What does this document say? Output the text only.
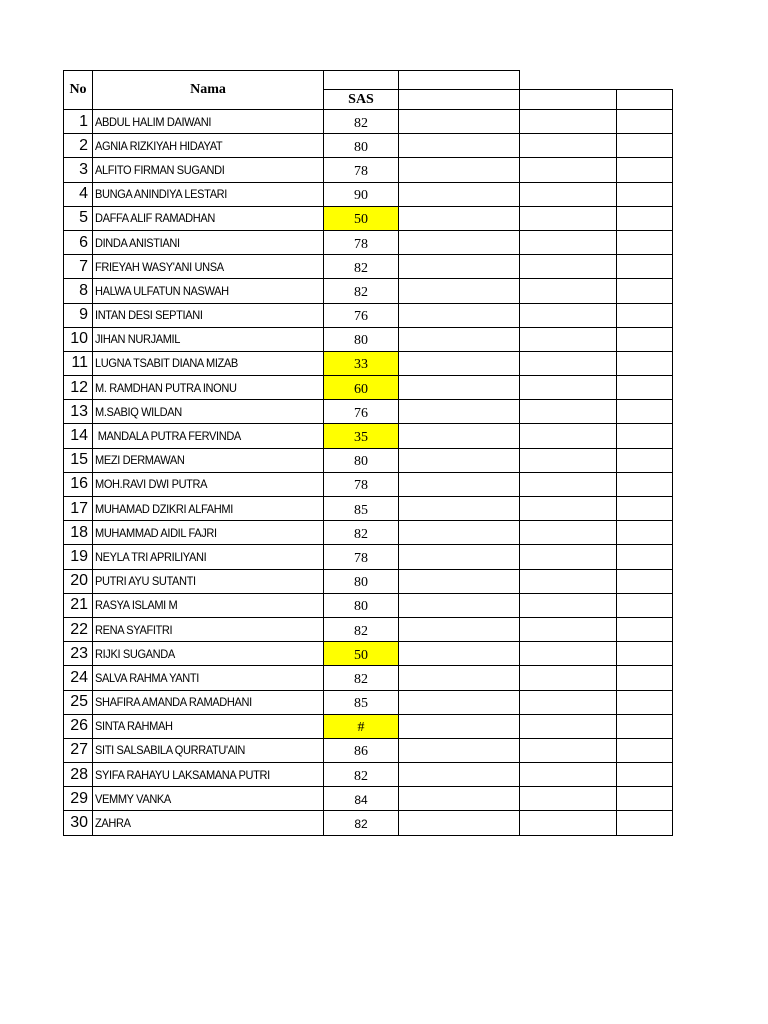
No	Nama
SAS
1 ABDUL HALIM DAIWANI	82
2 AGNIA RIZKIYAH HIDAYAT	80
3 ALFITO FIRMAN SUGANDI	78
4 BUNGA ANINDIYA LESTARI	90
5 DAFFA ALIF RAMADHAN	50
6 DINDA ANISTIANI	78
7 FRIEYAH WASY'ANI UNSA	82
8 HALWA ULFATUN NASWAH	82
9 INTAN DESI SEPTIANI	76
10 JIHAN NURJAMIL	80
11 LUGNA TSABIT DIANA MIZAB	33
12 M. RAMDHAN PUTRA INONU	60
13 M.SABIQ WILDAN	76
14 MANDALA PUTRA FERVINDA	35
15 MEZI DERMAWAN	80
16 MOH.RAVI DWI PUTRA	78
17 MUHAMAD DZIKRI ALFAHMI	85
18 MUHAMMAD AIDIL FAJRI	82
19 NEYLA TRI APRILIYANI	78
20 PUTRI AYU SUTANTI	80
21 RASYA ISLAMI M	80
22 RENA SYAFITRI	82
23 RIJKI SUGANDA	50
24 SALVA RAHMA YANTI	82
25 SHAFIRA AMANDA RAMADHANI	85
26 SINTA RAHMAH	#
27 SITI SALSABILA QURRATU'AIN	86
28 SYIFA RAHAYU LAKSAMANA PUTRI	82
29 VEMMY VANKA	84
30 ZAHRA	82
